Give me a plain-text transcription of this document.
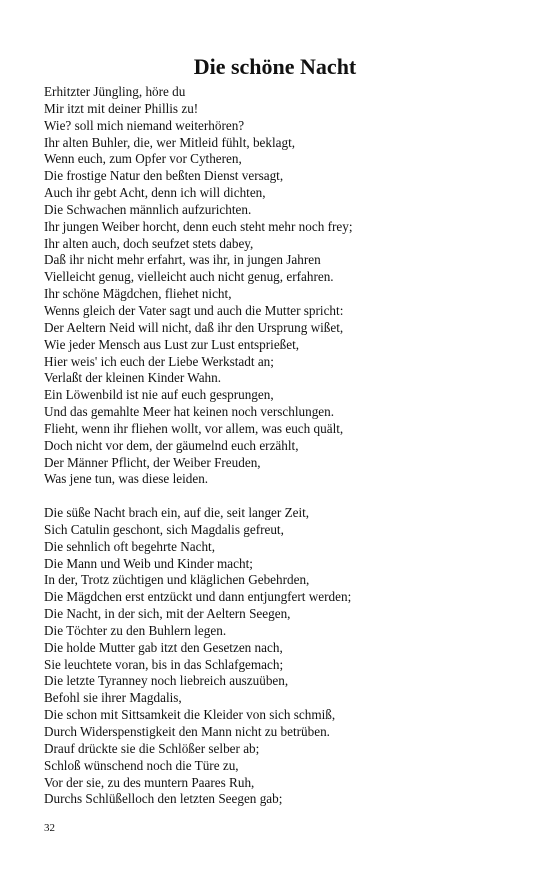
Die schöne Nacht
Erhitzter Jüngling, höre du
Mir itzt mit deiner Phillis zu!
Wie? soll mich niemand weiterhören?
Ihr alten Buhler, die, wer Mitleid fühlt, beklagt,
Wenn euch, zum Opfer vor Cytheren,
Die frostige Natur den beßten Dienst versagt,
Auch ihr gebt Acht, denn ich will dichten,
Die Schwachen männlich aufzurichten.
Ihr jungen Weiber horcht, denn euch steht mehr noch frey;
Ihr alten auch, doch seufzet stets dabey,
Daß ihr nicht mehr erfahrt, was ihr, in jungen Jahren
Vielleicht genug, vielleicht auch nicht genug, erfahren.
Ihr schöne Mägdchen, fliehet nicht,
Wenns gleich der Vater sagt und auch die Mutter spricht:
Der Aeltern Neid will nicht, daß ihr den Ursprung wißet,
Wie jeder Mensch aus Lust zur Lust entsprießet,
Hier weis' ich euch der Liebe Werkstadt an;
Verlaßt der kleinen Kinder Wahn.
Ein Löwenbild ist nie auf euch gesprungen,
Und das gemahlte Meer hat keinen noch verschlungen.
Flieht, wenn ihr fliehen wollt, vor allem, was euch quält,
Doch nicht vor dem, der gäumelnd euch erzählt,
Der Männer Pflicht, der Weiber Freuden,
Was jene tun, was diese leiden.
Die süße Nacht brach ein, auf die, seit langer Zeit,
Sich Catulin geschont, sich Magdalis gefreut,
Die sehnlich oft begehrte Nacht,
Die Mann und Weib und Kinder macht;
In der, Trotz züchtigen und kläglichen Gebehrden,
Die Mägdchen erst entzückt und dann entjungfert werden;
Die Nacht, in der sich, mit der Aeltern Seegen,
Die Töchter zu den Buhlern legen.
Die holde Mutter gab itzt den Gesetzen nach,
Sie leuchtete voran, bis in das Schlafgemach;
Die letzte Tyranney noch liebreich auszuüben,
Befohl sie ihrer Magdalis,
Die schon mit Sittsamkeit die Kleider von sich schmiß,
Durch Widerspenstigkeit den Mann nicht zu betrüben.
Drauf drückte sie die Schlößer selber ab;
Schloß wünschend noch die Türe zu,
Vor der sie, zu des muntern Paares Ruh,
Durchs Schlüßelloch den letzten Seegen gab;
32
